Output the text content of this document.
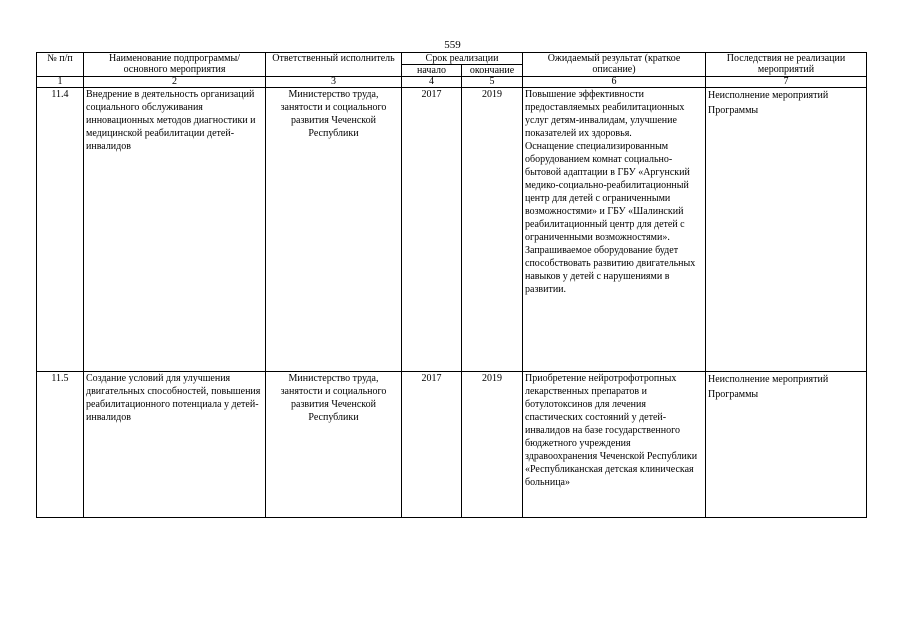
559
№ п/п	Наименование подпрограммы/ основного мероприятия	Ответственный исполнитель	Срок реализации		Ожидаемый результат (краткое описание)	Последствия не реализации мероприятий
			начало	окончание		
1	2	3	4	5	6	7
11.4	Внедрение в деятельность организаций социального обслуживания инновационных методов диагностики и медицинской реабилитации детей-инвалидов	Министерство труда, занятости и социального развития Чеченской Республики	2017	2019	Повышение эффективности предоставляемых реабилитационных услуг детям-инвалидам, улучшение показателей их здоровья.
Оснащение специализированным оборудованием комнат социально-бытовой адаптации в ГБУ «Аргунский медико-социально-реабилитационный центр для детей с ограниченными возможностями» и ГБУ «Шалинский реабилитационный центр для детей с ограниченными возможностями».
Запрашиваемое оборудование будет способствовать развитию двигательных навыков у детей с нарушениями в развитии.	Неисполнение мероприятий Программы
11.5	Создание условий для улучшения двигательных способностей, повышения реабилитационного потенциала у детей-инвалидов	Министерство труда, занятости и социального развития Чеченской Республики	2017	2019	Приобретение нейротрофотропных лекарственных препаратов и ботулотоксинов для лечения спастических состояний у детей-инвалидов на базе государственного бюджетного учреждения здравоохранения Чеченской Республики «Республиканская детская клиническая больница»	Неисполнение мероприятий Программы
